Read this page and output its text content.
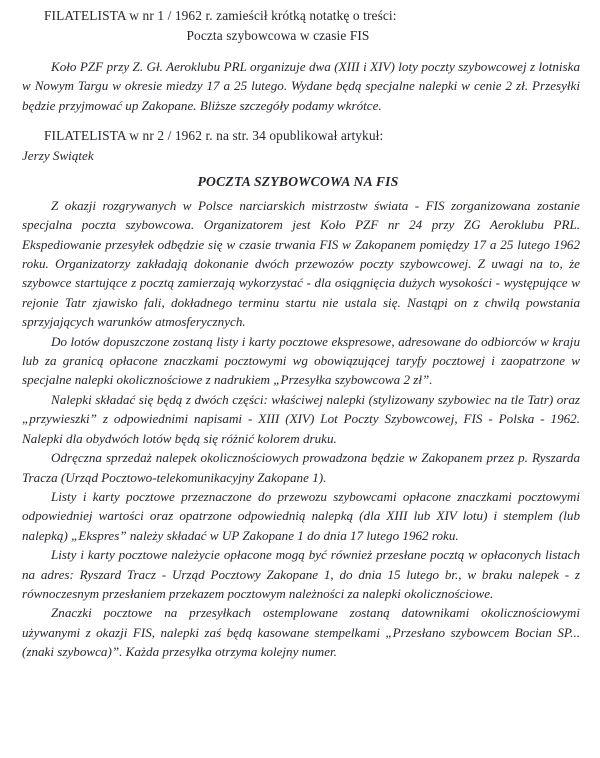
FILATELISTA w nr 1 / 1962 r. zamieścił krótką notatkę o treści:

Poczta szybowcowa w czasie FIS

Koło PZF przy Z. Gł. Aeroklubu PRL organizuje dwa (XIII i XIV) loty poczty szybowcowej z lotniska w Nowym Targu w okresie miedzy 17 a 25 lutego. Wydane będą specjalne nalepki w cenie 2 zł. Przesyłki będzie przyjmować up Zakopane. Bliższe szczegóły podamy wkrótce.

FILATELISTA w nr 2 / 1962 r. na str. 34 opublikował artykuł:

Jerzy Swiątek

POCZTA SZYBOWCOWA NA FIS

Z okazji rozgrywanych w Polsce narciarskich mistrzostw świata - FIS zorganizowana zostanie specjalna poczta szybowcowa. Organizatorem jest Koło PZF nr 24 przy ZG Aeroklubu PRL. Ekspediowanie przesyłek odbędzie się w czasie trwania FIS w Zakopanem pomiędzy 17 a 25 lutego 1962 roku. Organizatorzy zakładają dokonanie dwóch przewozów poczty szybowcowej. Z uwagi na to, że szybowce startujące z pocztą zamierzają wykorzystać - dla osiągnięcia dużych wysokości - występujące w rejonie Tatr zjawisko fali, dokładnego terminu startu nie ustala się. Nastąpi on z chwilą powstania sprzyjających warunków atmosferycznych.

Do lotów dopuszczone zostaną listy i karty pocztowe ekspresowe, adresowane do odbiorców w kraju lub za granicą opłacone znaczkami pocztowymi wg obowiązującej taryfy pocztowej i zaopatrzone w specjalne nalepki okolicznościowe z nadrukiem „Przesyłka szybowcowa 2 zł”.

Nalepki składać się będą z dwóch części: właściwej nalepki (stylizowany szybowiec na tle Tatr) oraz „przywieszki” z odpowiednimi napisami - XIII (XIV) Lot Poczty Szybowcowej, FIS - Polska - 1962. Nalepki dla obydwóch lotów będą się różnić kolorem druku.

Odręczna sprzedaż nalepek okolicznościowych prowadzona będzie w Zakopanem przez p. Ryszarda Tracza (Urząd Pocztowo-telekomunikacyjny Zakopane 1).

Listy i karty pocztowe przeznaczone do przewozu szybowcami opłacone znaczkami pocztowymi odpowiedniej wartości oraz opatrzone odpowiednią nalepką (dla XIII lub XIV lotu) i stemplem (lub nalepką) „Ekspres” należy składać w UP Zakopane 1 do dnia 17 lutego 1962 roku.

Listy i karty pocztowe należycie opłacone mogą być również przesłane pocztą w opłaconych listach na adres: Ryszard Tracz - Urząd Pocztowy Zakopane 1, do dnia 15 lutego br., w braku nalepek - z równoczesnym przesłaniem przekazem pocztowym należności za nalepki okolicznościowe.

Znaczki pocztowe na przesyłkach ostemplowane zostaną datownikami okolicznościowymi używanymi z okazji FIS, nalepki zaś będą kasowane stempelkami „Przesłano szybowcem Bocian SP... (znaki szybowca)”. Każda przesyłka otrzyma kolejny numer.
